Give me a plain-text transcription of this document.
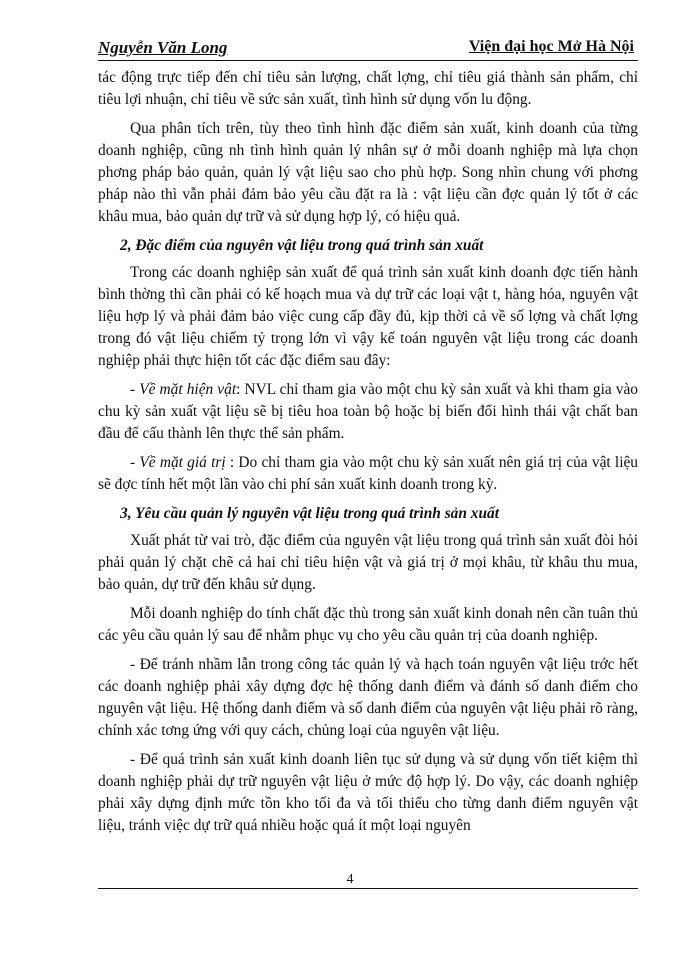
Nguyễn Văn Long	Viện đại học Mở Hà Nội

tác động trực tiếp đến chỉ tiêu sản lượng, chất lợng, chỉ tiêu giá thành sản phẩm, chỉ tiêu lợi nhuận, chỉ tiêu về sức sản xuất, tình hình sử dụng vốn lu động.

Qua phân tích trên, tùy theo tình hình đặc điểm sản xuất, kinh doanh của từng doanh nghiệp, cũng nh tình hình quản lý nhân sự ở mỗi doanh nghiệp mà lựa chọn phơng pháp bảo quản, quản lý vật liệu sao cho phù hợp. Song nhìn chung với phơng pháp nào thì vẫn phải đảm bảo yêu cầu đặt ra là : vật liệu cần đợc quản lý tốt ở các khâu mua, bảo quản dự trữ và sử dụng hợp lý, có hiệu quả.

2, Đặc điểm của nguyên vật liệu trong quá trình sản xuất

Trong các doanh nghiệp sản xuất để quá trình sản xuất kinh doanh đợc tiến hành bình thờng thì cần phải có kế hoạch mua và dự trữ các loại vật t, hàng hóa, nguyên vật liệu hợp lý và phải đảm bảo việc cung cấp đầy đủ, kịp thời cả về số lợng và chất lợng trong đó vật liệu chiếm tỷ trọng lớn vì vậy kế toán nguyên vật liệu trong các doanh nghiệp phải thực hiện tốt các đặc điểm sau đây:

- Về mặt hiện vật: NVL chỉ tham gia vào một chu kỳ sản xuất và khi tham gia vào chu kỳ sản xuất vật liệu sẽ bị tiêu hoa toàn bộ hoặc bị biến đổi hình thái vật chất ban đầu để cấu thành lên thực thể sản phẩm.

- Về mặt giá trị : Do chỉ tham gia vào một chu kỳ sản xuất nên giá trị của vật liệu sẽ đợc tính hết một lần vào chi phí sản xuất kinh doanh trong kỳ.

3, Yêu cầu quản lý nguyên vật liệu trong quá trình sản xuất

Xuất phát từ vai trò, đặc điểm của nguyên vật liệu trong quá trình sản xuất đòi hỏi phải quản lý chặt chẽ cả hai chỉ tiêu hiện vật và giá trị ở mọi khâu, từ khâu thu mua, bảo quản, dự trữ đến khâu sử dụng.

Mỗi doanh nghiệp do tính chất đặc thù trong sản xuất kinh donah nên cần tuân thủ các yêu cầu quản lý sau để nhằm phục vụ cho yêu cầu quản trị của doanh nghiệp.

- Để tránh nhầm lẫn trong công tác quản lý và hạch toán nguyên vật liệu trớc hết các doanh nghiệp phải xây dựng đợc hệ thống danh điểm và đánh số danh điểm cho nguyên vật liệu. Hệ thống danh điểm và số danh điểm của nguyên vật liệu phải rõ ràng, chính xác tơng ứng với quy cách, chủng loại của nguyên vật liệu.

- Để quá trình sản xuất kinh doanh liên tục sử dụng và sử dụng vốn tiết kiệm thì doanh nghiệp phải dự trữ nguyên vật liệu ở mức độ hợp lý. Do vậy, các doanh nghiệp phải xây dựng định mức tồn kho tối đa và tối thiểu cho từng danh điểm nguyên vật liệu, tránh việc dự trữ quá nhiều hoặc quá ít một loại nguyên

4
